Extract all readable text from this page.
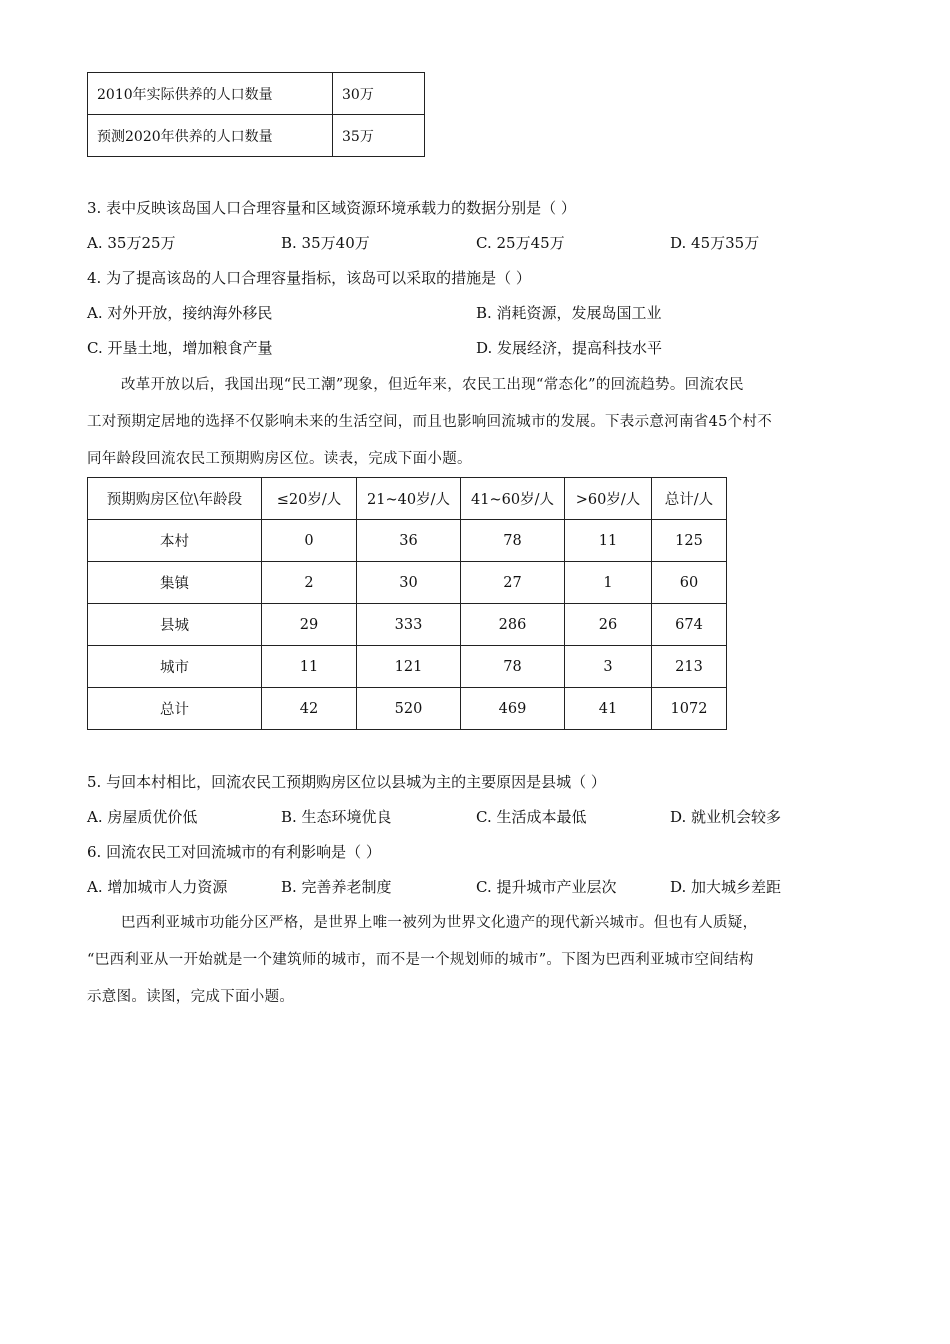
2010年实际供养的人口数量	30万
预测2020年供养的人口数量	35万
3. 表中反映该岛国人口合理容量和区域资源环境承载力的数据分别是（ ）
A. 35万25万	B. 35万40万	C. 25万45万	D. 45万35万
4. 为了提高该岛的人口合理容量指标，该岛可以采取的措施是（ ）
A. 对外开放，接纳海外移民	B. 消耗资源，发展岛国工业
C. 开垦土地，增加粮食产量	D. 发展经济，提高科技水平
改革开放以后，我国出现“民工潮”现象，但近年来，农民工出现“常态化”的回流趋势。回流农民
工对预期定居地的选择不仅影响未来的生活空间，而且也影响回流城市的发展。下表示意河南省45个村不
同年龄段回流农民工预期购房区位。读表，完成下面小题。
预期购房区位\年龄段	≤20岁/人	21~40岁/人	41~60岁/人	>60岁/人	总计/人
本村	0	36	78	11	125
集镇	2	30	27	1	60
县城	29	333	286	26	674
城市	11	121	78	3	213
总计	42	520	469	41	1072
5. 与回本村相比，回流农民工预期购房区位以县城为主的主要原因是县城（ ）
A. 房屋质优价低	B. 生态环境优良	C. 生活成本最低	D. 就业机会较多
6. 回流农民工对回流城市的有利影响是（ ）
A. 增加城市人力资源	B. 完善养老制度	C. 提升城市产业层次	D. 加大城乡差距
巴西利亚城市功能分区严格，是世界上唯一被列为世界文化遗产的现代新兴城市。但也有人质疑，
“巴西利亚从一开始就是一个建筑师的城市，而不是一个规划师的城市”。下图为巴西利亚城市空间结构
示意图。读图，完成下面小题。
